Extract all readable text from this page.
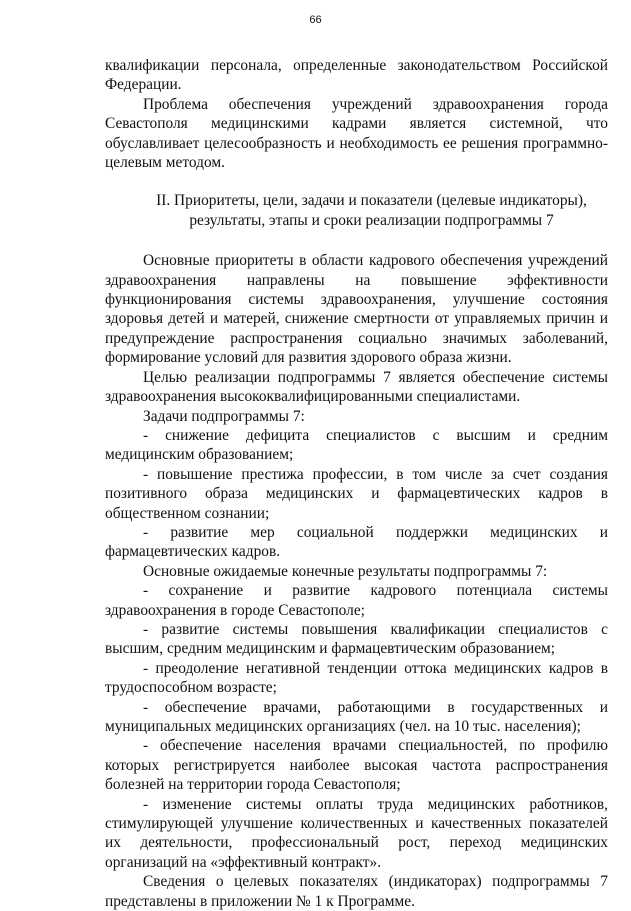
66

квалификации персонала, определенные законодательством Российской Федерации.

Проблема обеспечения учреждений здравоохранения города Севастополя медицинскими кадрами является системной, что обуславливает целесообразность и необходимость ее решения программно-целевым методом.

II. Приоритеты, цели, задачи и показатели (целевые индикаторы), результаты, этапы и сроки реализации подпрограммы 7

Основные приоритеты в области кадрового обеспечения учреждений здравоохранения направлены на повышение эффективности функционирования системы здравоохранения, улучшение состояния здоровья детей и матерей, снижение смертности от управляемых причин и предупреждение распространения социально значимых заболеваний, формирование условий для развития здорового образа жизни.

Целью реализации подпрограммы 7 является обеспечение системы здравоохранения высококвалифицированными специалистами.

Задачи подпрограммы 7:

- снижение дефицита специалистов с высшим и средним медицинским образованием;

- повышение престижа профессии, в том числе за счет создания позитивного образа медицинских и фармацевтических кадров в общественном сознании;

- развитие мер социальной поддержки медицинских и фармацевтических кадров.

Основные ожидаемые конечные результаты подпрограммы 7:

- сохранение и развитие кадрового потенциала системы здравоохранения в городе Севастополе;

- развитие системы повышения квалификации специалистов с высшим, средним медицинским и фармацевтическим образованием;

- преодоление негативной тенденции оттока медицинских кадров в трудоспособном возрасте;

- обеспечение врачами, работающими в государственных и муниципальных медицинских организациях (чел. на 10 тыс. населения);

- обеспечение населения врачами специальностей, по профилю которых регистрируется наиболее высокая частота распространения болезней на территории города Севастополя;

- изменение системы оплаты труда медицинских работников, стимулирующей улучшение количественных и качественных показателей их деятельности, профессиональный рост, переход медицинских организаций на «эффективный контракт».

Сведения о целевых показателях (индикаторах) подпрограммы 7 представлены в приложении № 1 к Программе.
